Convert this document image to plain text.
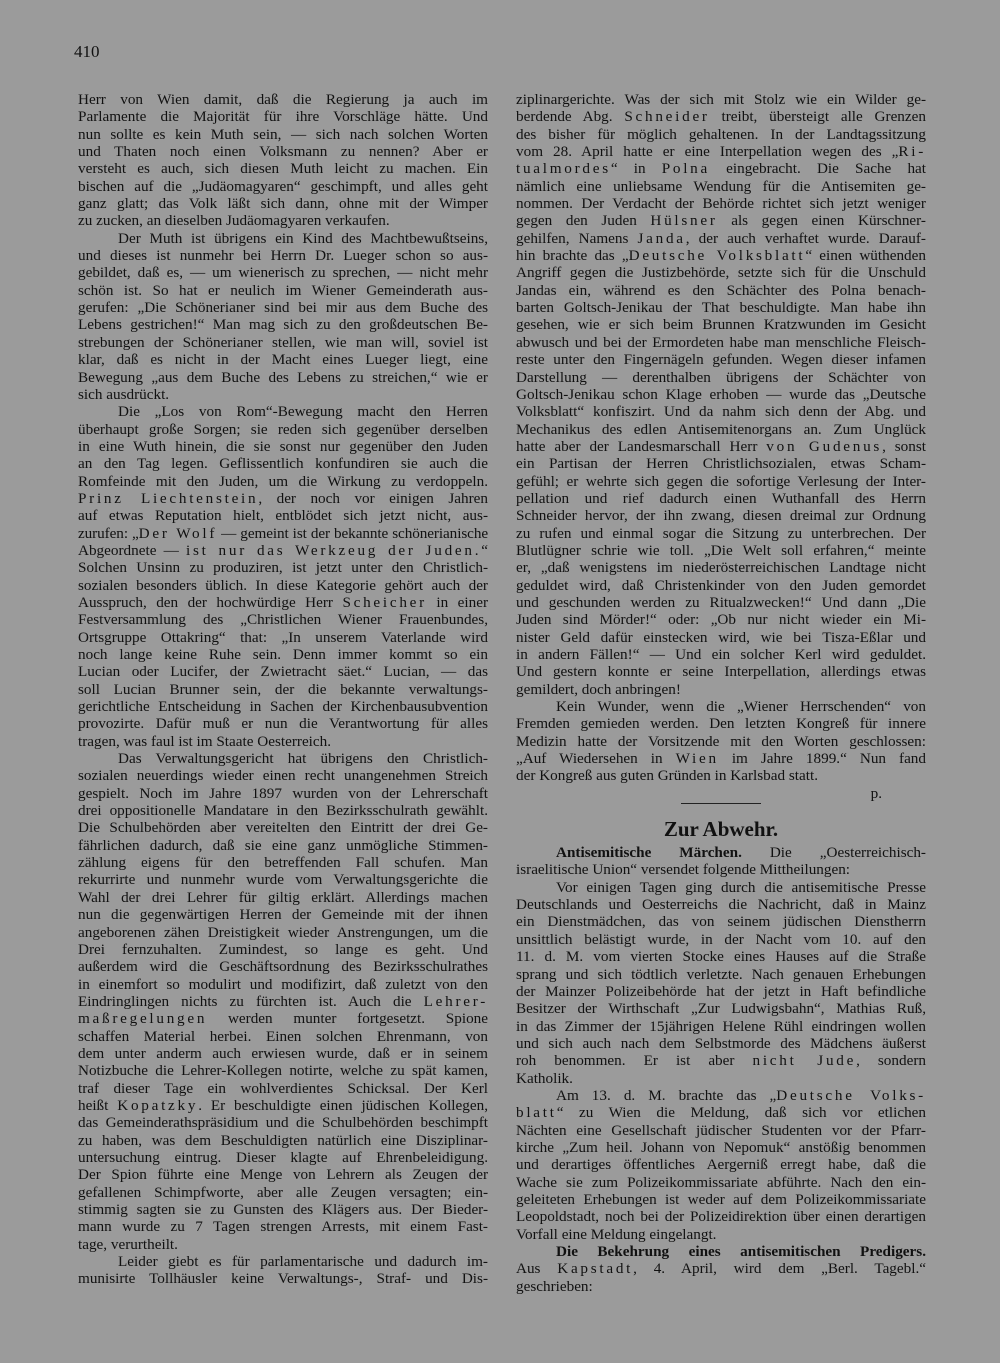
410
Herr von Wien damit, daß die Regierung ja auch im
Parlamente die Majorität für ihre Vorschläge hätte. Und
nun sollte es kein Muth sein, — sich nach solchen Worten
und Thaten noch einen Volksmann zu nennen? Aber er
versteht es auch, sich diesen Muth leicht zu machen. Ein
bischen auf die „Judäomagyaren“ geschimpft, und alles geht
ganz glatt; das Volk läßt sich dann, ohne mit der Wimper
zu zucken, an dieselben Judäomagyaren verkaufen.
Der Muth ist übrigens ein Kind des Machtbewußtseins,
und dieses ist nunmehr bei Herrn Dr. Lueger schon so aus-
gebildet, daß es, — um wienerisch zu sprechen, — nicht mehr
schön ist. So hat er neulich im Wiener Gemeinderath aus-
gerufen: „Die Schönerianer sind bei mir aus dem Buche des
Lebens gestrichen!“ Man mag sich zu den großdeutschen Be-
strebungen der Schönerianer stellen, wie man will, soviel ist
klar, daß es nicht in der Macht eines Lueger liegt, eine
Bewegung „aus dem Buche des Lebens zu streichen,“ wie er
sich ausdrückt.
Die „Los von Rom“-Bewegung macht den Herren
überhaupt große Sorgen; sie reden sich gegenüber derselben
in eine Wuth hinein, die sie sonst nur gegenüber den Juden
an den Tag legen. Geflissentlich konfundiren sie auch die
Romfeinde mit den Juden, um die Wirkung zu verdoppeln.
Prinz Liechtenstein, der noch vor einigen Jahren
auf etwas Reputation hielt, entblödet sich jetzt nicht, aus-
zurufen: „Der Wolf — gemeint ist der bekannte schönerianische
Abgeordnete — ist nur das Werkzeug der Juden.“
Solchen Unsinn zu produziren, ist jetzt unter den Christlich-
sozialen besonders üblich. In diese Kategorie gehört auch der
Ausspruch, den der hochwürdige Herr Scheicher in einer
Festversammlung des „Christlichen Wiener Frauenbundes,
Ortsgruppe Ottakring“ that: „In unserem Vaterlande wird
noch lange keine Ruhe sein. Denn immer kommt so ein
Lucian oder Lucifer, der Zwietracht säet.“ Lucian, — das
soll Lucian Brunner sein, der die bekannte verwaltungs-
gerichtliche Entscheidung in Sachen der Kirchenbausubvention
provozirte. Dafür muß er nun die Verantwortung für alles
tragen, was faul ist im Staate Oesterreich.
Das Verwaltungsgericht hat übrigens den Christlich-
sozialen neuerdings wieder einen recht unangenehmen Streich
gespielt. Noch im Jahre 1897 wurden von der Lehrerschaft
drei oppositionelle Mandatare in den Bezirksschulrath gewählt.
Die Schulbehörden aber vereitelten den Eintritt der drei Ge-
fährlichen dadurch, daß sie eine ganz unmögliche Stimmen-
zählung eigens für den betreffenden Fall schufen. Man
rekurrirte und nunmehr wurde vom Verwaltungsgerichte die
Wahl der drei Lehrer für giltig erklärt. Allerdings machen
nun die gegenwärtigen Herren der Gemeinde mit der ihnen
angeborenen zähen Dreistigkeit wieder Anstrengungen, um die
Drei fernzuhalten. Zumindest, so lange es geht. Und
außerdem wird die Geschäftsordnung des Bezirksschulrathes
in einemfort so modulirt und modifizirt, daß zuletzt von den
Eindringlingen nichts zu fürchten ist. Auch die Lehrer-
maßregelungen werden munter fortgesetzt. Spione
schaffen Material herbei. Einen solchen Ehrenmann, von
dem unter anderm auch erwiesen wurde, daß er in seinem
Notizbuche die Lehrer-Kollegen notirte, welche zu spät kamen,
traf dieser Tage ein wohlverdientes Schicksal. Der Kerl
heißt Kopatzky. Er beschuldigte einen jüdischen Kollegen,
das Gemeinderathspräsidium und die Schulbehörden beschimpft
zu haben, was dem Beschuldigten natürlich eine Disziplinar-
untersuchung eintrug. Dieser klagte auf Ehrenbeleidigung.
Der Spion führte eine Menge von Lehrern als Zeugen der
gefallenen Schimpfworte, aber alle Zeugen versagten; ein-
stimmig sagten sie zu Gunsten des Klägers aus. Der Bieder-
mann wurde zu 7 Tagen strengen Arrests, mit einem Fast-
tage, verurtheilt.
Leider giebt es für parlamentarische und dadurch im-
munisirte Tollhäusler keine Verwaltungs-, Straf- und Dis-
ziplinargerichte. Was der sich mit Stolz wie ein Wilder ge-
berdende Abg. Schneider treibt, übersteigt alle Grenzen
des bisher für möglich gehaltenen. In der Landtagssitzung
vom 28. April hatte er eine Interpellation wegen des „Ri-
tualmordes“ in Polna eingebracht. Die Sache hat
nämlich eine unliebsame Wendung für die Antisemiten ge-
nommen. Der Verdacht der Behörde richtet sich jetzt weniger
gegen den Juden Hülsner als gegen einen Kürschner-
gehilfen, Namens Janda, der auch verhaftet wurde. Darauf-
hin brachte das „Deutsche Volksblatt“ einen wüthenden
Angriff gegen die Justizbehörde, setzte sich für die Unschuld
Jandas ein, während es den Schächter des Polna benach-
barten Goltsch-Jenikau der That beschuldigte. Man habe ihn
gesehen, wie er sich beim Brunnen Kratzwunden im Gesicht
abwusch und bei der Ermordeten habe man menschliche Fleisch-
reste unter den Fingernägeln gefunden. Wegen dieser infamen
Darstellung — derenthalben übrigens der Schächter von
Goltsch-Jenikau schon Klage erhoben — wurde das „Deutsche
Volksblatt“ konfiszirt. Und da nahm sich denn der Abg. und
Mechanikus des edlen Antisemitenorgans an. Zum Unglück
hatte aber der Landesmarschall Herr von Gudenus, sonst
ein Partisan der Herren Christlichsozialen, etwas Scham-
gefühl; er wehrte sich gegen die sofortige Verlesung der Inter-
pellation und rief dadurch einen Wuthanfall des Herrn
Schneider hervor, der ihn zwang, diesen dreimal zur Ordnung
zu rufen und einmal sogar die Sitzung zu unterbrechen. Der
Blutlügner schrie wie toll. „Die Welt soll erfahren,“ meinte
er, „daß wenigstens im niederösterreichischen Landtage nicht
geduldet wird, daß Christenkinder von den Juden gemordet
und geschunden werden zu Ritualzwecken!“ Und dann „Die
Juden sind Mörder!“ oder: „Ob nur nicht wieder ein Mi-
nister Geld dafür einstecken wird, wie bei Tisza-Eßlar und
in andern Fällen!“ — Und ein solcher Kerl wird geduldet.
Und gestern konnte er seine Interpellation, allerdings etwas
gemildert, doch anbringen!
Kein Wunder, wenn die „Wiener Herrschenden“ von
Fremden gemieden werden. Den letzten Kongreß für innere
Medizin hatte der Vorsitzende mit den Worten geschlossen:
„Auf Wiedersehen in Wien im Jahre 1899.“ Nun fand
der Kongreß aus guten Gründen in Karlsbad statt.
p.
Zur Abwehr.
Antisemitische Märchen. Die „Oesterreichisch-
israelitische Union“ versendet folgende Mittheilungen:
Vor einigen Tagen ging durch die antisemitische Presse
Deutschlands und Oesterreichs die Nachricht, daß in Mainz
ein Dienstmädchen, das von seinem jüdischen Dienstherrn
unsittlich belästigt wurde, in der Nacht vom 10. auf den
11. d. M. vom vierten Stocke eines Hauses auf die Straße
sprang und sich tödtlich verletzte. Nach genauen Erhebungen
der Mainzer Polizeibehörde hat der jetzt in Haft befindliche
Besitzer der Wirthschaft „Zur Ludwigsbahn“, Mathias Ruß,
in das Zimmer der 15jährigen Helene Rühl eindringen wollen
und sich auch nach dem Selbstmorde des Mädchens äußerst
roh benommen. Er ist aber nicht Jude, sondern
Katholik.
Am 13. d. M. brachte das „Deutsche Volks-
blatt“ zu Wien die Meldung, daß sich vor etlichen
Nächten eine Gesellschaft jüdischer Studenten vor der Pfarr-
kirche „Zum heil. Johann von Nepomuk“ anstößig benommen
und derartiges öffentliches Aergerniß erregt habe, daß die
Wache sie zum Polizeikommissariate abführte. Nach den ein-
geleiteten Erhebungen ist weder auf dem Polizeikommissariate
Leopoldstadt, noch bei der Polizeidirektion über einen derartigen
Vorfall eine Meldung eingelangt.
Die Bekehrung eines antisemitischen Predigers.
Aus Kapstadt, 4. April, wird dem „Berl. Tagebl.“
geschrieben:
